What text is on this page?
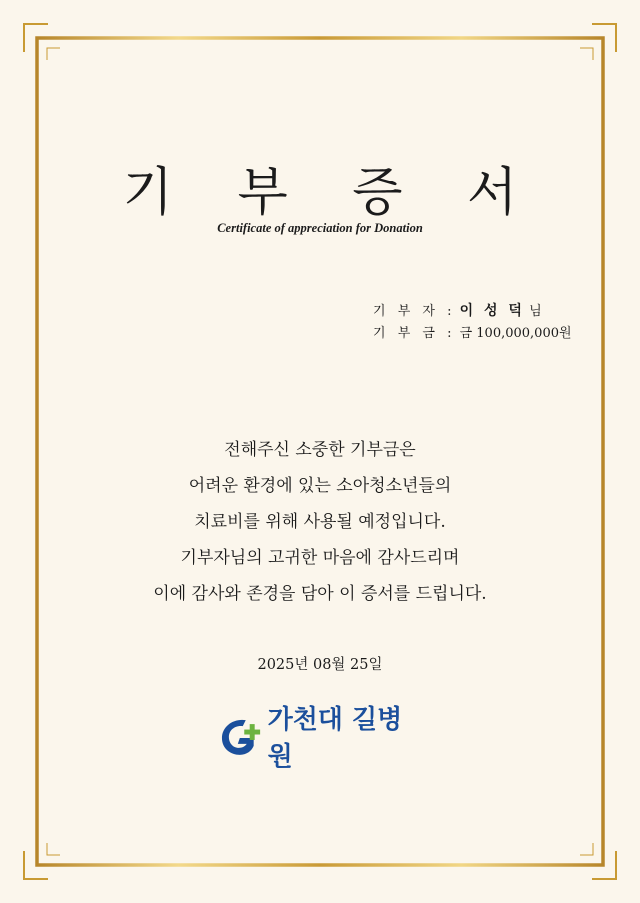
기 부 증 서
Certificate of appreciation for Donation
기 부 자 : 이 성 덕 님
기 부 금 : 금 100,000,000원
전해주신 소중한 기부금은
어려운 환경에 있는 소아청소년들의
치료비를 위해 사용될 예정입니다.
기부자님의 고귀한 마음에 감사드리며
이에 감사와 존경을 담아 이 증서를 드립니다.
2025년 08월 25일
가천대 길병원
